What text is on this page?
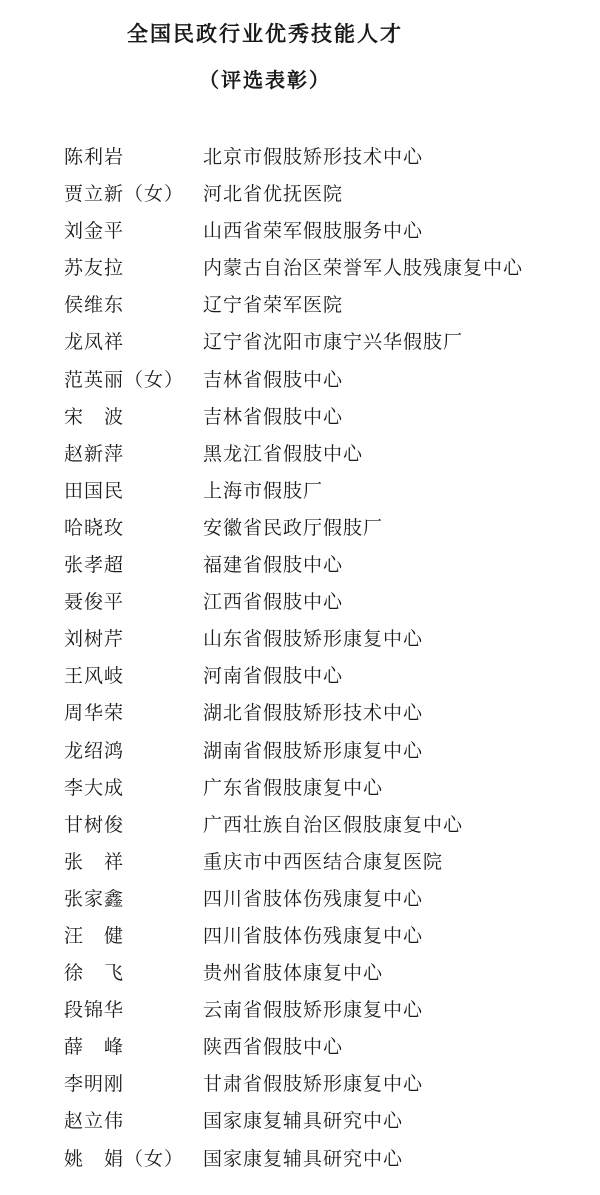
全国民政行业优秀技能人才
（评选表彰）
陈利岩	北京市假肢矫形技术中心
贾立新（女） 河北省优抚医院
刘金平	山西省荣军假肢服务中心
苏友拉	内蒙古自治区荣誉军人肢残康复中心
侯维东	辽宁省荣军医院
龙凤祥	辽宁省沈阳市康宁兴华假肢厂
范英丽（女） 吉林省假肢中心
宋　波	吉林省假肢中心
赵新萍	黑龙江省假肢中心
田国民	上海市假肢厂
哈晓玫	安徽省民政厅假肢厂
张孝超	福建省假肢中心
聂俊平	江西省假肢中心
刘树芹	山东省假肢矫形康复中心
王风岐	河南省假肢中心
周华荣	湖北省假肢矫形技术中心
龙绍鸿	湖南省假肢矫形康复中心
李大成	广东省假肢康复中心
甘树俊	广西壮族自治区假肢康复中心
张　祥	重庆市中西医结合康复医院
张家鑫	四川省肢体伤残康复中心
汪　健	四川省肢体伤残康复中心
徐　飞	贵州省肢体康复中心
段锦华	云南省假肢矫形康复中心
薛　峰	陕西省假肢中心
李明刚	甘肃省假肢矫形康复中心
赵立伟	国家康复辅具研究中心
姚　娟（女） 国家康复辅具研究中心
